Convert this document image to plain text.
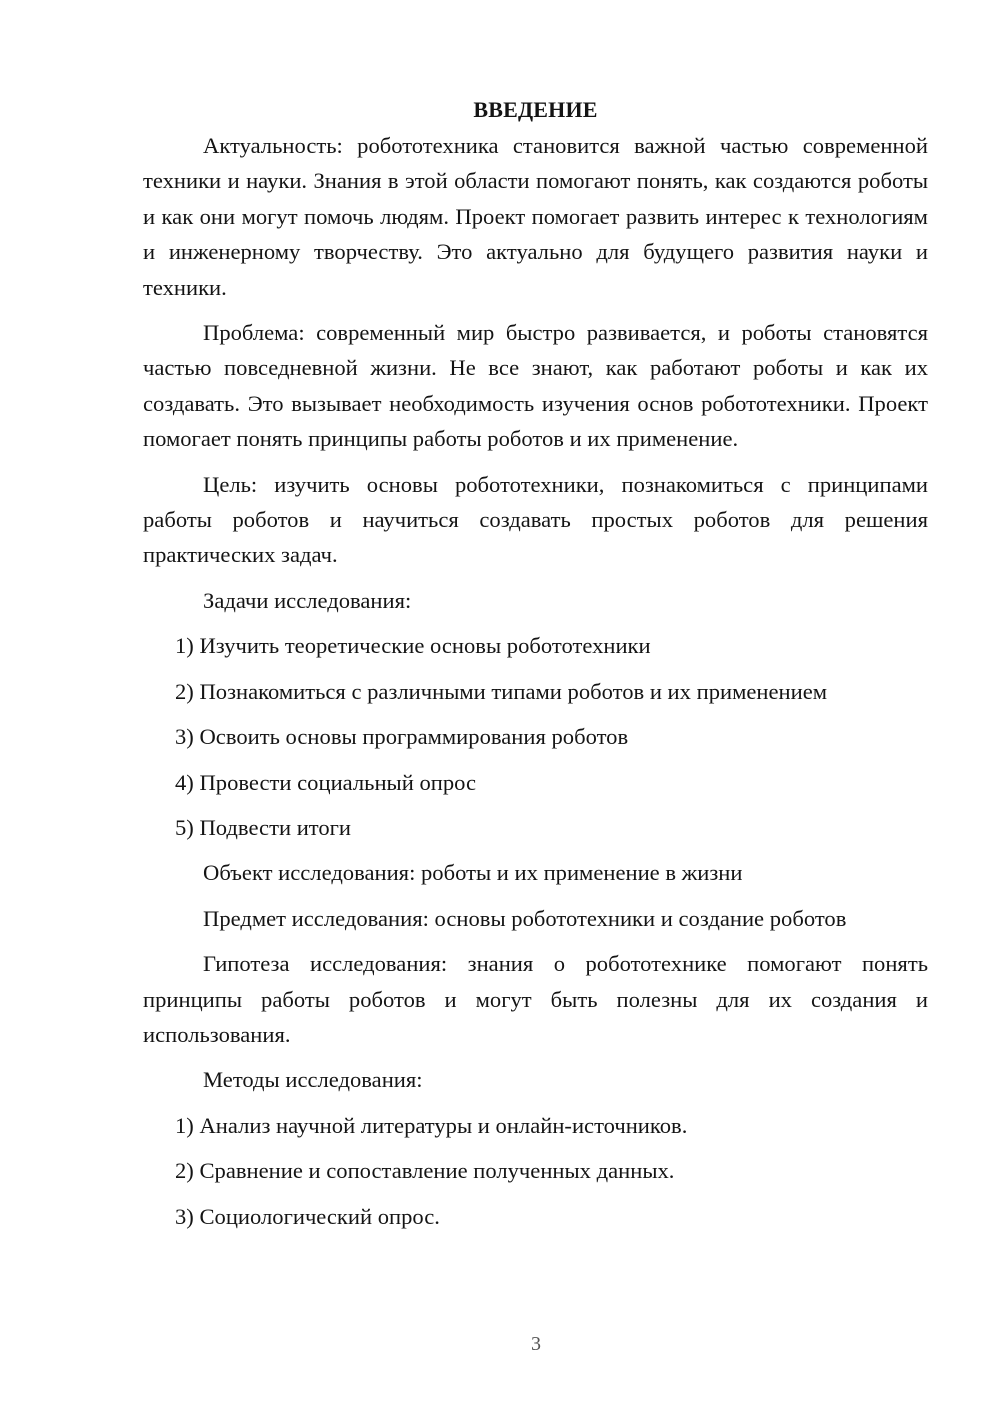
ВВЕДЕНИЕ

Актуальность: робототехника становится важной частью современной техники и науки. Знания в этой области помогают понять, как создаются роботы и как они могут помочь людям. Проект помогает развить интерес к технологиям и инженерному творчеству. Это актуально для будущего развития науки и техники.

Проблема: современный мир быстро развивается, и роботы становятся частью повседневной жизни. Не все знают, как работают роботы и как их создавать. Это вызывает необходимость изучения основ робототехники. Проект помогает понять принципы работы роботов и их применение.

Цель: изучить основы робототехники, познакомиться с принципами работы роботов и научиться создавать простых роботов для решения практических задач.

Задачи исследования:

1) Изучить теоретические основы робототехники

2) Познакомиться с различными типами роботов и их применением

3) Освоить основы программирования роботов

4) Провести социальный опрос

5) Подвести итоги

Объект исследования: роботы и их применение в жизни

Предмет исследования: основы робототехники и создание роботов

Гипотеза исследования: знания о робототехнике помогают понять принципы работы роботов и могут быть полезны для их создания и использования.

Методы исследования:

1) Анализ научной литературы и онлайн-источников.

2) Сравнение и сопоставление полученных данных.

3) Социологический опрос.

3
